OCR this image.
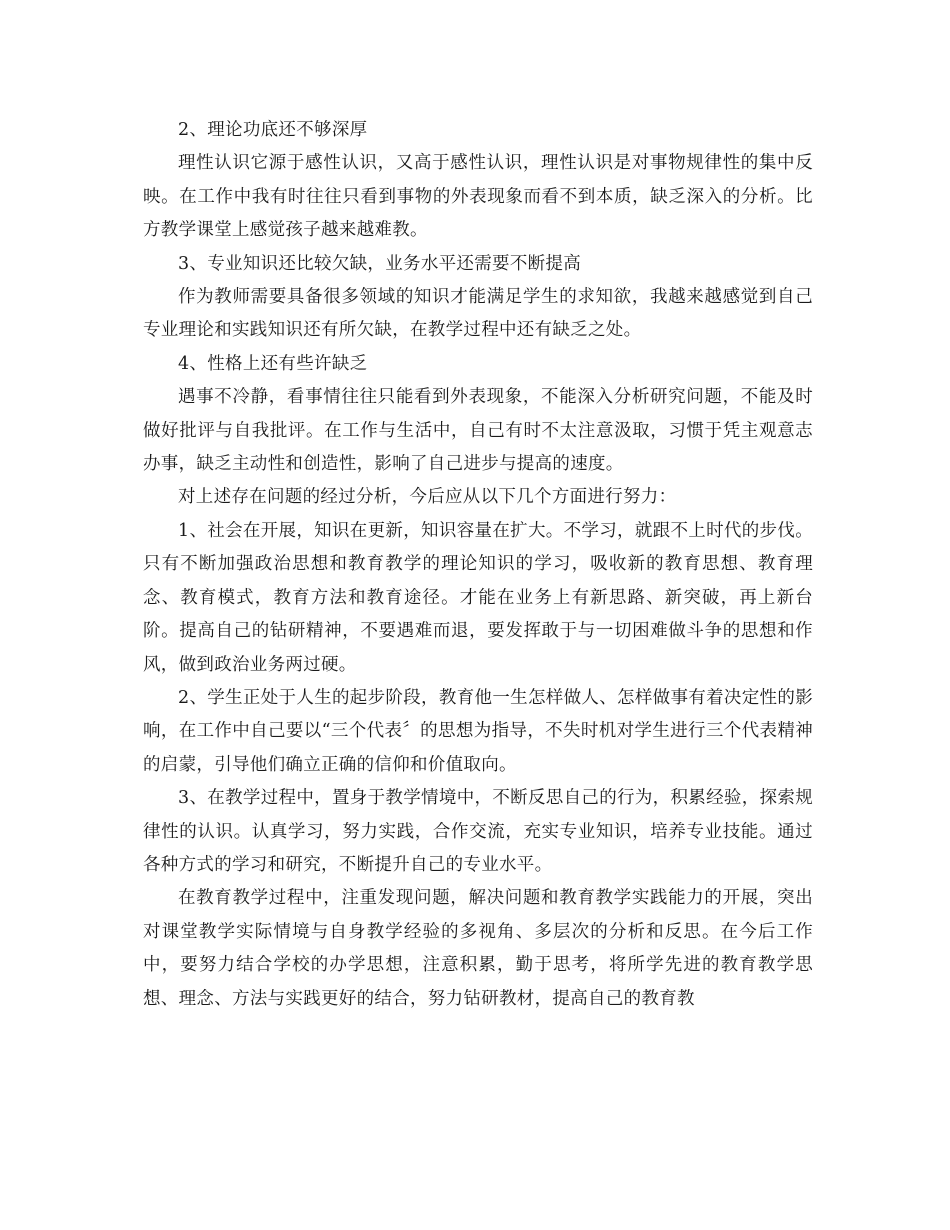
2、理论功底还不够深厚

理性认识它源于感性认识，又高于感性认识，理性认识是对事物规律性的集中反映。在工作中我有时往往只看到事物的外表现象而看不到本质，缺乏深入的分析。比方教学课堂上感觉孩子越来越难教。

3、专业知识还比较欠缺，业务水平还需要不断提高

作为教师需要具备很多领域的知识才能满足学生的求知欲，我越来越感觉到自己专业理论和实践知识还有所欠缺，在教学过程中还有缺乏之处。

4、性格上还有些许缺乏

遇事不冷静，看事情往往只能看到外表现象，不能深入分析研究问题，不能及时做好批评与自我批评。在工作与生活中，自己有时不太注意汲取，习惯于凭主观意志办事，缺乏主动性和创造性，影响了自己进步与提高的速度。

对上述存在问题的经过分析，今后应从以下几个方面进行努力：

1、社会在开展，知识在更新，知识容量在扩大。不学习，就跟不上时代的步伐。只有不断加强政治思想和教育教学的理论知识的学习，吸收新的教育思想、教育理念、教育模式，教育方法和教育途径。才能在业务上有新思路、新突破，再上新台阶。提高自己的钻研精神，不要遇难而退，要发挥敢于与一切困难做斗争的思想和作风，做到政治业务两过硬。

2、学生正处于人生的起步阶段，教育他一生怎样做人、怎样做事有着决定性的影响，在工作中自己要以“三个代表〞的思想为指导，不失时机对学生进行三个代表精神的启蒙，引导他们确立正确的信仰和价值取向。

3、在教学过程中，置身于教学情境中，不断反思自己的行为，积累经验，探索规律性的认识。认真学习，努力实践，合作交流，充实专业知识，培养专业技能。通过各种方式的学习和研究，不断提升自己的专业水平。

在教育教学过程中，注重发现问题，解决问题和教育教学实践能力的开展，突出对课堂教学实际情境与自身教学经验的多视角、多层次的分析和反思。在今后工作中，要努力结合学校的办学思想，注意积累，勤于思考，将所学先进的教育教学思想、理念、方法与实践更好的结合，努力钻研教材，提高自己的教育教
